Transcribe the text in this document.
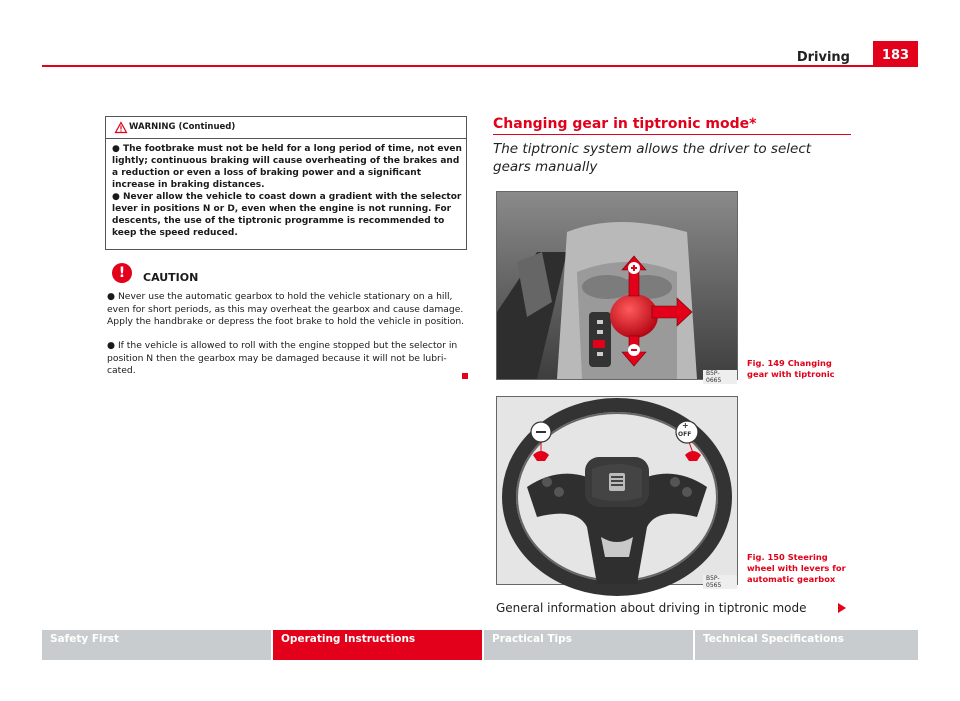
Driving	183
WARNING (Continued)
● The footbrake must not be held for a long period of time, not even lightly; continuous braking will cause overheating of the brakes and a reduction or even a loss of braking power and a significant increase in braking distances.
● Never allow the vehicle to coast down a gradient with the selector lever in positions N or D, even when the engine is not running. For descents, the use of the tiptronic programme is recommended to keep the speed reduced.
!	CAUTION
● Never use the automatic gearbox to hold the vehicle stationary on a hill, even for short periods, as this may overheat the gearbox and cause damage. Apply the handbrake or depress the foot brake to hold the vehicle in position.
● If the vehicle is allowed to roll with the engine stopped but the selector in position N then the gearbox may be damaged because it will not be lubricated.
Changing gear in tiptronic mode*
The tiptronic system allows the driver to select gears manually
B5P-0665
Fig. 149 Changing gear with tiptronic
+
OFF
B5P-0565
Fig. 150 Steering wheel with levers for automatic gearbox
General information about driving in tiptronic mode
Safety First	Operating Instructions	Practical Tips	Technical Specifications
